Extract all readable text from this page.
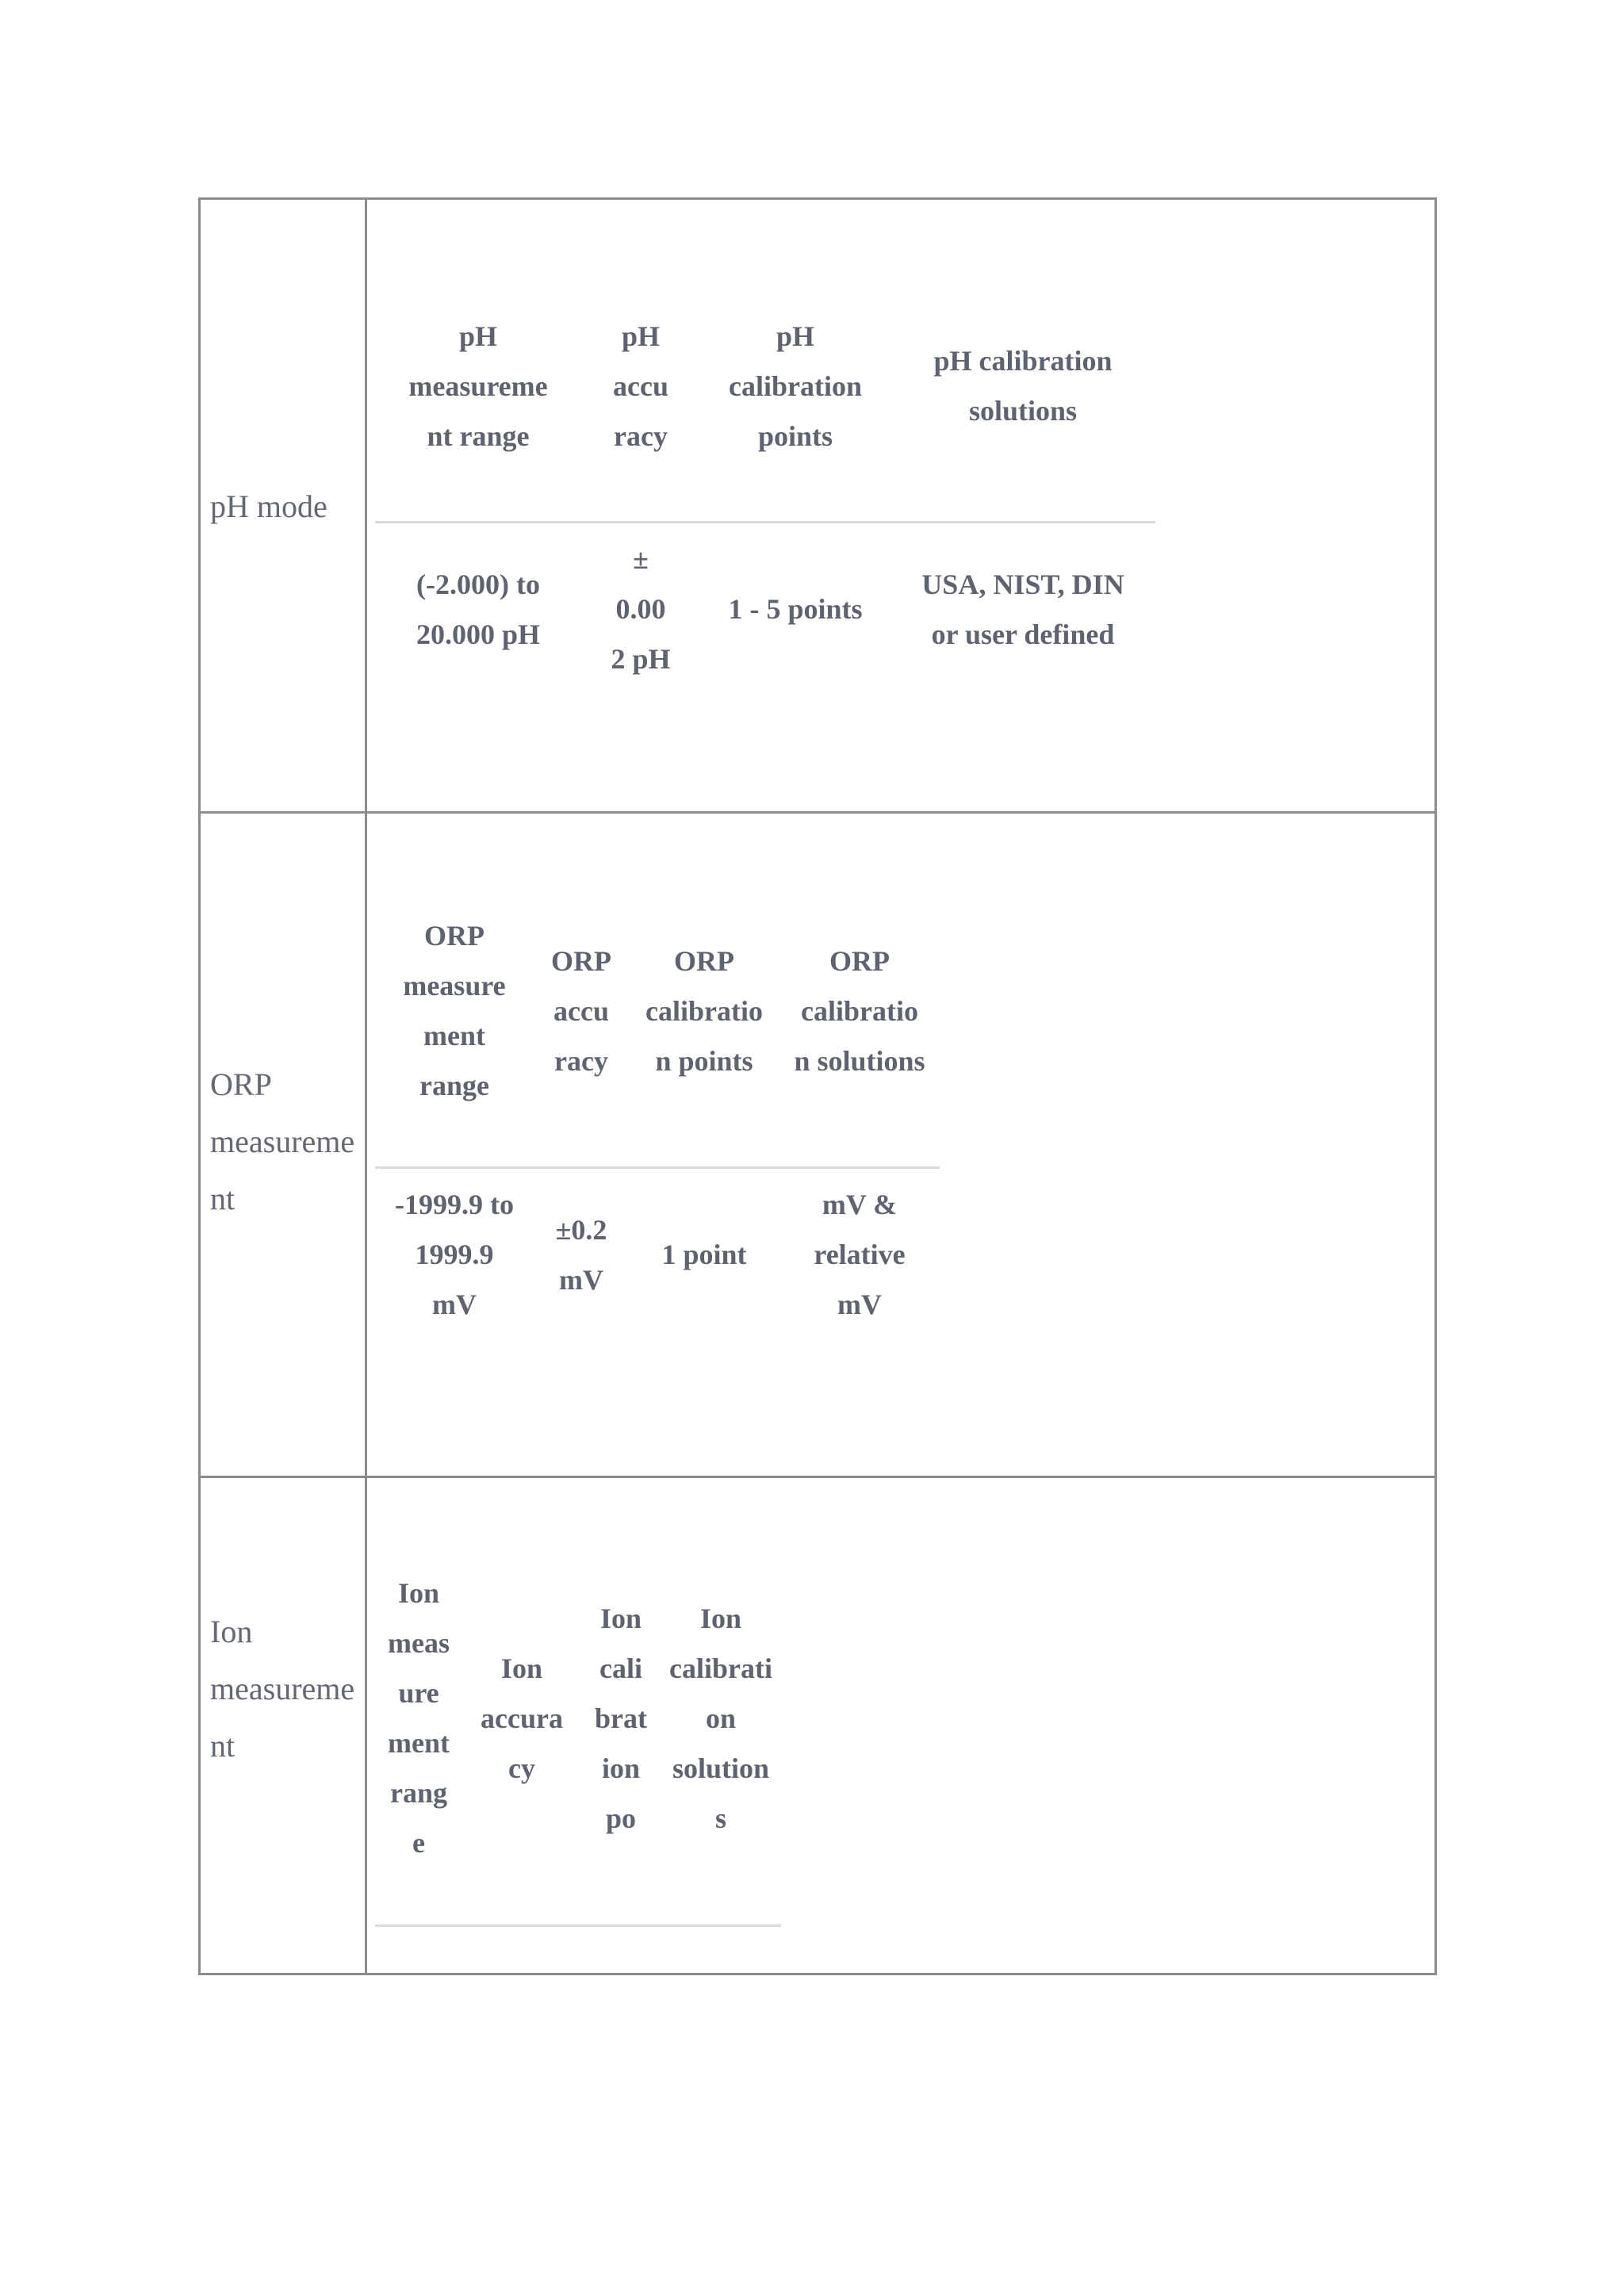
pH mode
pH measurement range	pH accuracy	pH calibration points	pH calibration solutions
(-2.000) to 20.000 pH	± 0.002 pH	1 - 5 points	USA, NIST, DIN or user defined
ORP measurement
ORP measurement range	ORP accuracy	ORP calibration points	ORP calibration solutions
-1999.9 to 1999.9 mV	±0.2 mV	1 point	mV & relative mV
Ion measurement
Ion measurement range	Ion accuracy	Ion calibration po	Ion calibration solutions
